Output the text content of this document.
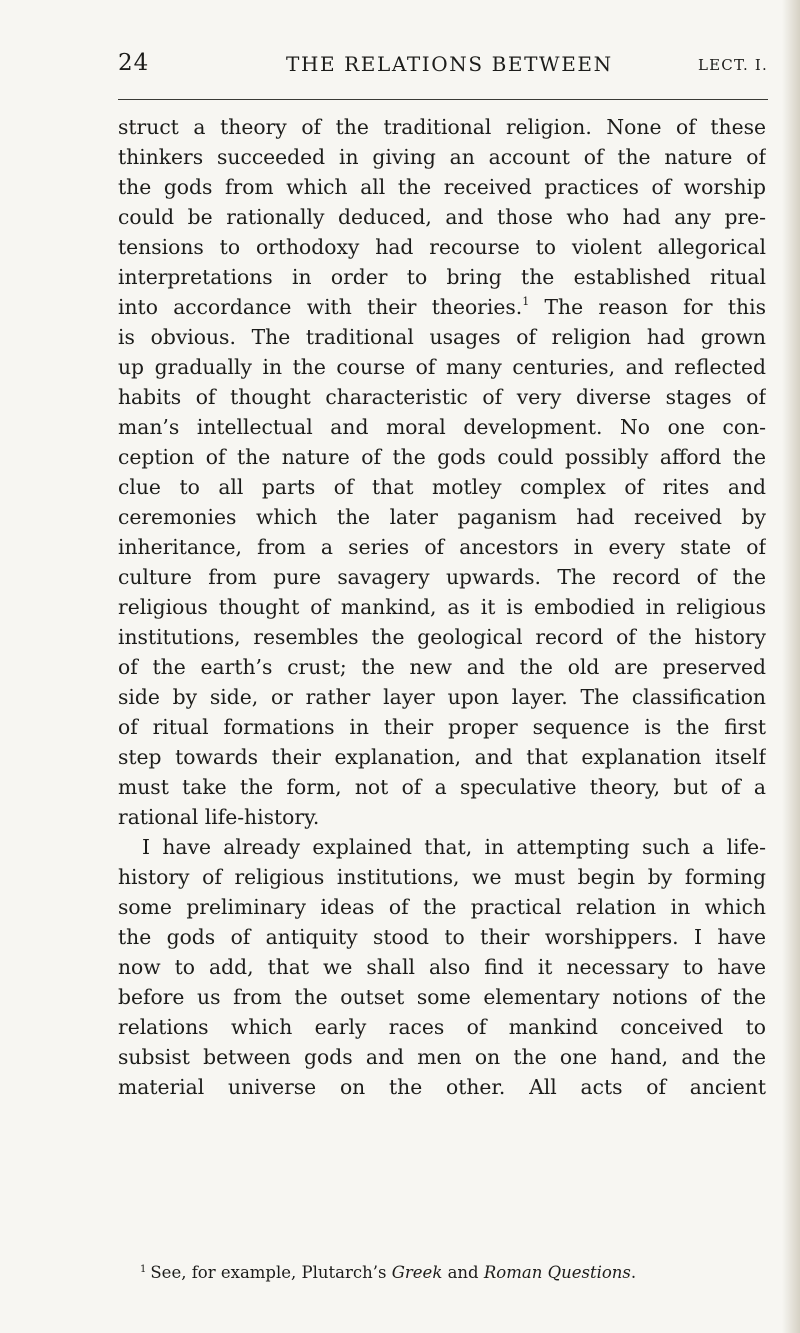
24	THE RELATIONS BETWEEN	LECT. I.
struct a theory of the traditional religion. None of these
thinkers succeeded in giving an account of the nature of
the gods from which all the received practices of worship
could be rationally deduced, and those who had any pre-
tensions to orthodoxy had recourse to violent allegorical
interpretations in order to bring the established ritual
into accordance with their theories.$^1$ The reason for this
is obvious. The traditional usages of religion had grown
up gradually in the course of many centuries, and reflected
habits of thought characteristic of very diverse stages of
man’s intellectual and moral development. No one con-
ception of the nature of the gods could possibly afford the
clue to all parts of that motley complex of rites and
ceremonies which the later paganism had received by
inheritance, from a series of ancestors in every state of
culture from pure savagery upwards. The record of the
religious thought of mankind, as it is embodied in religious
institutions, resembles the geological record of the history
of the earth’s crust; the new and the old are preserved
side by side, or rather layer upon layer. The classification
of ritual formations in their proper sequence is the first
step towards their explanation, and that explanation itself
must take the form, not of a speculative theory, but of a
rational life-history.
I have already explained that, in attempting such a life-
history of religious institutions, we must begin by forming
some preliminary ideas of the practical relation in which
the gods of antiquity stood to their worshippers. I have
now to add, that we shall also find it necessary to have
before us from the outset some elementary notions of the
relations which early races of mankind conceived to
subsist between gods and men on the one hand, and the
material universe on the other. All acts of ancient
$^1$ See, for example, Plutarch’s Greek and Roman Questions.
